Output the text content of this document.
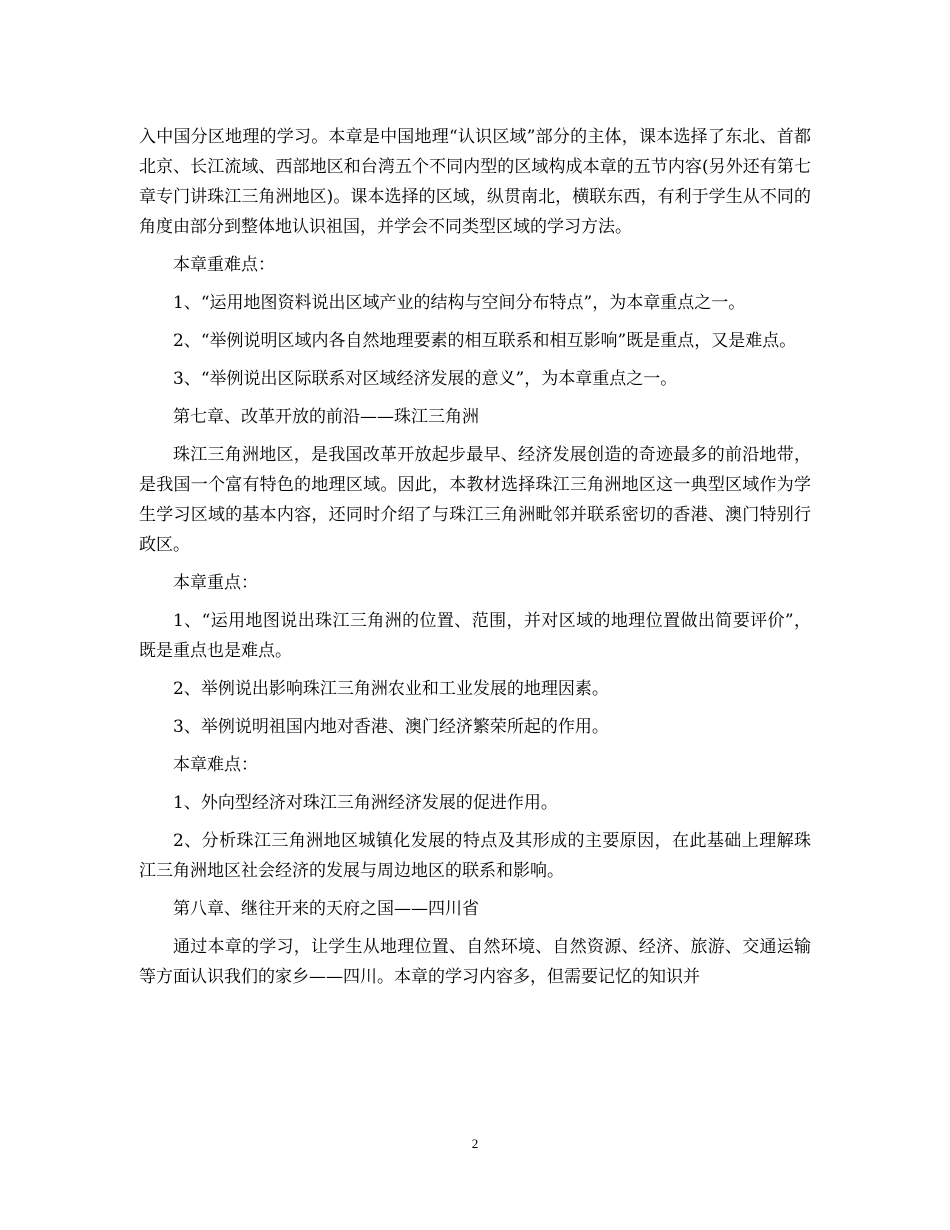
入中国分区地理的学习。本章是中国地理“认识区域”部分的主体，课本选择了东北、首都北京、长江流域、西部地区和台湾五个不同内型的区域构成本章的五节内容(另外还有第七章专门讲珠江三角洲地区)。课本选择的区域，纵贯南北，横联东西，有利于学生从不同的角度由部分到整体地认识祖国，并学会不同类型区域的学习方法。

本章重难点：

1、“运用地图资料说出区域产业的结构与空间分布特点”，为本章重点之一。

2、“举例说明区域内各自然地理要素的相互联系和相互影响”既是重点，又是难点。

3、“举例说出区际联系对区域经济发展的意义”，为本章重点之一。

第七章、改革开放的前沿——珠江三角洲

珠江三角洲地区，是我国改革开放起步最早、经济发展创造的奇迹最多的前沿地带，是我国一个富有特色的地理区域。因此，本教材选择珠江三角洲地区这一典型区域作为学生学习区域的基本内容，还同时介绍了与珠江三角洲毗邻并联系密切的香港、澳门特别行政区。

本章重点：

1、“运用地图说出珠江三角洲的位置、范围，并对区域的地理位置做出简要评价”，既是重点也是难点。

2、举例说出影响珠江三角洲农业和工业发展的地理因素。

3、举例说明祖国内地对香港、澳门经济繁荣所起的作用。

本章难点：

1、外向型经济对珠江三角洲经济发展的促进作用。

2、分析珠江三角洲地区城镇化发展的特点及其形成的主要原因，在此基础上理解珠江三角洲地区社会经济的发展与周边地区的联系和影响。

第八章、继往开来的天府之国——四川省

通过本章的学习，让学生从地理位置、自然环境、自然资源、经济、旅游、交通运输等方面认识我们的家乡——四川。本章的学习内容多，但需要记忆的知识并

2
